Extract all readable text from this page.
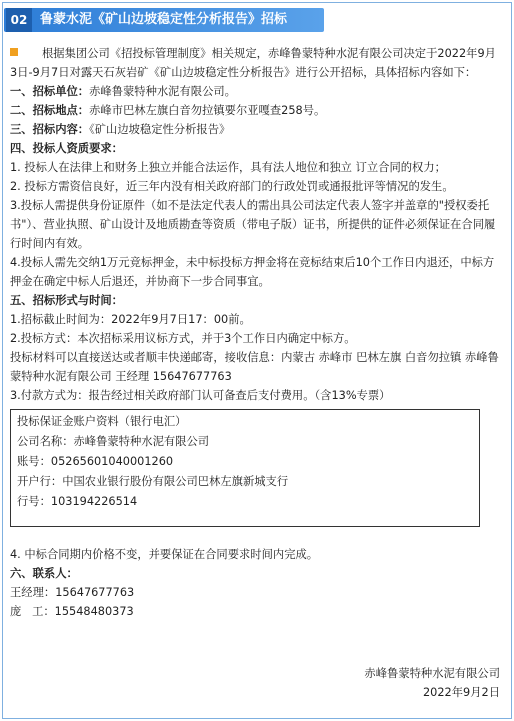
02 鲁蒙水泥《矿山边坡稳定性分析报告》招标

根据集团公司《招投标管理制度》相关规定，赤峰鲁蒙特种水泥有限公司决定于2022年9月3日-9月7日对露天石灰岩矿《矿山边坡稳定性分析报告》进行公开招标，具体招标内容如下：

一、招标单位：赤峰鲁蒙特种水泥有限公司。

二、招标地点：赤峰市巴林左旗白音勿拉镇要尔亚嘎查258号。

三、招标内容：《矿山边坡稳定性分析报告》

四、投标人资质要求：

1. 投标人在法律上和财务上独立并能合法运作，具有法人地位和独立 订立合同的权力；

2. 投标方需资信良好，近三年内没有相关政府部门的行政处罚或通报批评等情况的发生。

3.投标人需提供身份证原件（如不是法定代表人的需出具公司法定代表人签字并盖章的"授权委托书"）、营业执照、矿山设计及地质勘查等资质（带电子版）证书，所提供的证件必须保证在合同履行时间内有效。

4.投标人需先交纳1万元竞标押金，未中标投标方押金将在竞标结束后10个工作日内退还，中标方押金在确定中标人后退还，并协商下一步合同事宜。

五、招标形式与时间：

1.招标截止时间为：2022年9月7日17：00前。

2.投标方式：本次招标采用议标方式，并于3个工作日内确定中标方。

投标材料可以直接送达或者顺丰快递邮寄，接收信息：内蒙古 赤峰市 巴林左旗 白音勿拉镇 赤峰鲁蒙特种水泥有限公司 王经理 15647677763

3.付款方式为：报告经过相关政府部门认可备查后支付费用。（含13%专票）

投标保证金账户资料（银行电汇）
公司名称：赤峰鲁蒙特种水泥有限公司
账号：05265601040001260
开户行：中国农业银行股份有限公司巴林左旗新城支行
行号：103194226514

4. 中标合同期内价格不变，并要保证在合同要求时间内完成。

六、联系人：

王经理：15647677763

庞   工：15548480373

赤峰鲁蒙特种水泥有限公司

2022年9月2日
